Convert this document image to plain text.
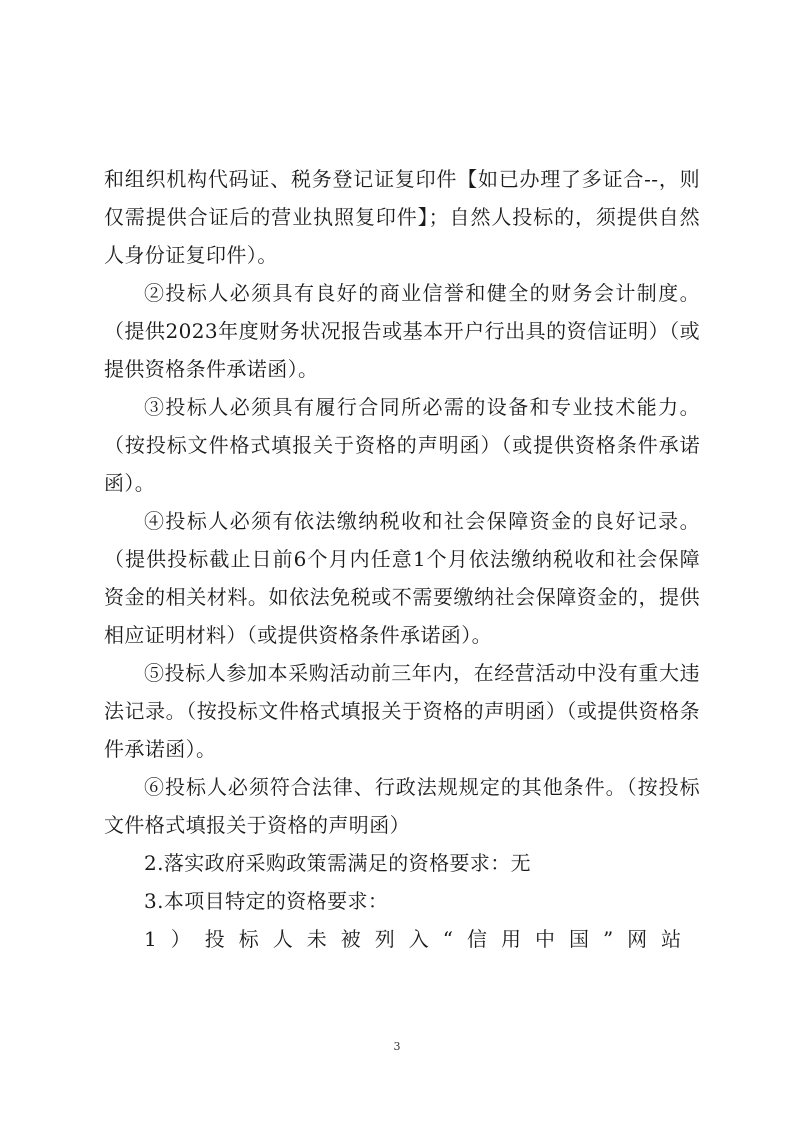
和组织机构代码证、税务登记证复印件【如已办理了多证合--，则仅需提供合证后的营业执照复印件】；自然人投标的，须提供自然人身份证复印件）。

②投标人必须具有良好的商业信誉和健全的财务会计制度。（提供2023年度财务状况报告或基本开户行出具的资信证明）（或提供资格条件承诺函）。

③投标人必须具有履行合同所必需的设备和专业技术能力。（按投标文件格式填报关于资格的声明函）（或提供资格条件承诺函）。

④投标人必须有依法缴纳税收和社会保障资金的良好记录。（提供投标截止日前6个月内任意1个月依法缴纳税收和社会保障资金的相关材料。如依法免税或不需要缴纳社会保障资金的，提供相应证明材料）（或提供资格条件承诺函）。

⑤投标人参加本采购活动前三年内，在经营活动中没有重大违法记录。（按投标文件格式填报关于资格的声明函）（或提供资格条件承诺函）。

⑥投标人必须符合法律、行政法规规定的其他条件。（按投标文件格式填报关于资格的声明函）

2.落实政府采购政策需满足的资格要求：无

3.本项目特定的资格要求：

1）投标人未被列入“信用中国”网站

3
